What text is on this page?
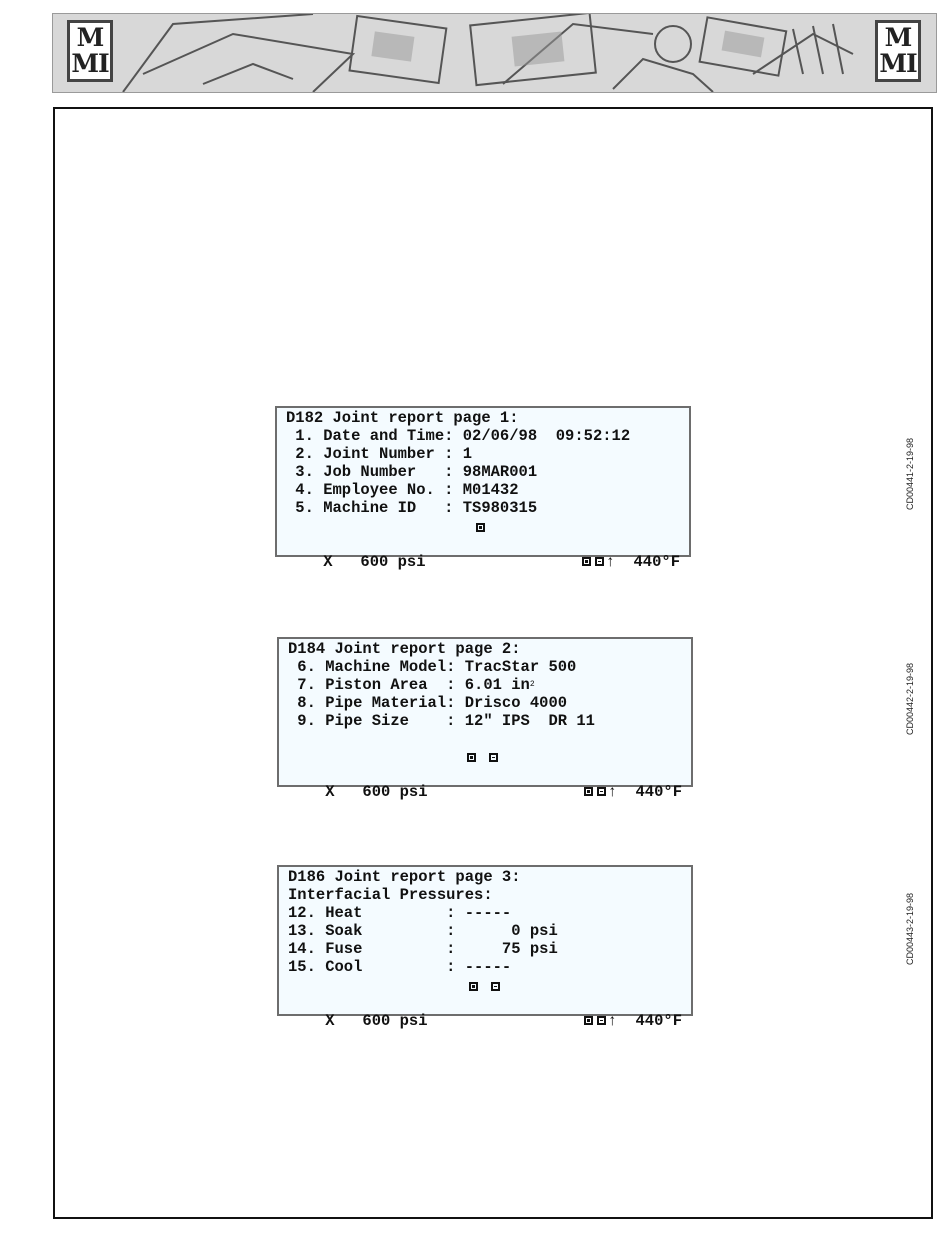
M
MI
M
MI
D182 Joint report page 1:
1. Date and Time: 02/06/98  09:52:12
2. Joint Number : 1
3. Job Number   : 98MAR001
4. Employee No. : M01432
5. Machine ID   : TS980315

X   600 psi
	↑ 440°F

CD00441-2-19-98
D184 Joint report page 2:
6. Machine Model: TracStar 500
7. Piston Area  : 6.01 $in^2$
8. Pipe Material: Drisco 4000
9. Pipe Size    : 12" IPS  DR 11

X   600 psi
	↑ 440°F

CD00442-2-19-98
D186 Joint report page 3:
Interfacial Pressures:
12. Heat         : -----
13. Soak         :      0 psi
14. Fuse         :     75 psi
15. Cool         : -----

X   600 psi
	↑ 440°F

CD00443-2-19-98
